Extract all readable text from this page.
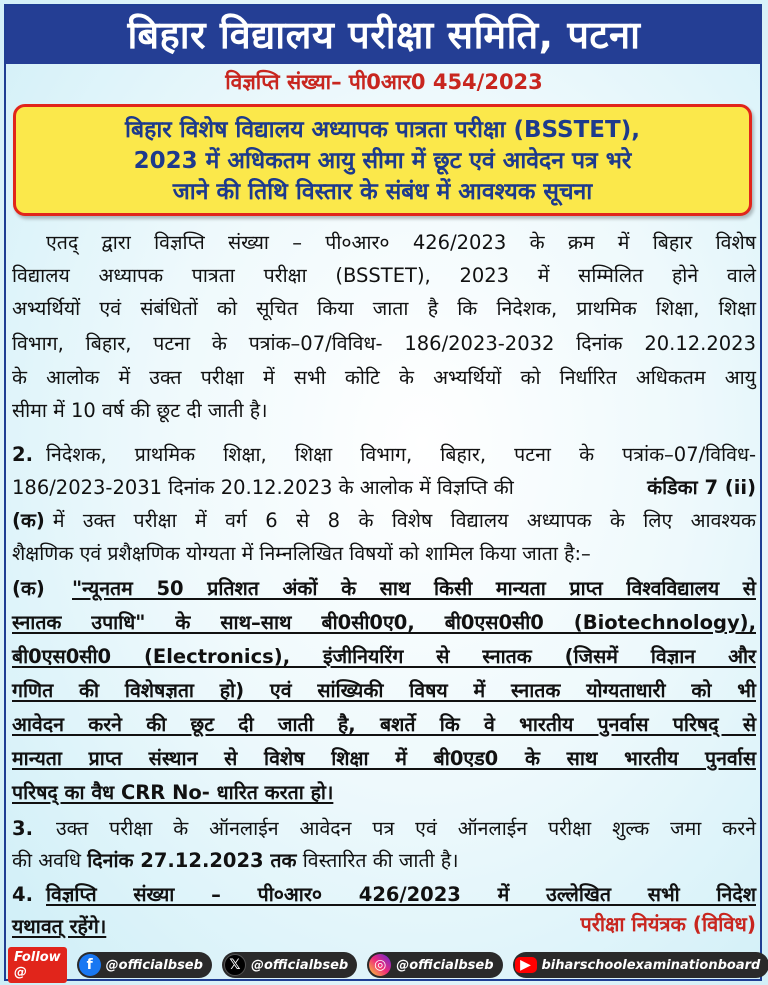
बिहार विद्यालय परीक्षा समिति, पटना
विज्ञप्ति संख्या– पी0आर0 454/2023
बिहार विशेष विद्यालय अध्यापक पात्रता परीक्षा (BSSTET),
2023 में अधिकतम आयु सीमा में छूट एवं आवेदन पत्र भरे
जाने की तिथि विस्तार के संबंध में आवश्यक सूचना
एतद् द्वारा विज्ञप्ति संख्या – पी०आर० 426/2023 के क्रम में बिहार विशेष
विद्यालय अध्यापक पात्रता परीक्षा (BSSTET), 2023 में सम्मिलित होने वाले
अभ्यर्थियों एवं संबंधितों को सूचित किया जाता है कि निदेशक, प्राथमिक शिक्षा, शिक्षा
विभाग, बिहार, पटना के पत्रांक–07/विविध- 186/2023-2032 दिनांक 20.12.2023
के आलोक में उक्त परीक्षा में सभी कोटि के अभ्यर्थियों को निर्धारित अधिकतम आयु
सीमा में 10 वर्ष की छूट दी जाती है।
2. निदेशक, प्राथमिक शिक्षा, शिक्षा विभाग, बिहार, पटना के पत्रांक–07/विविध-
186/2023-2031 दिनांक 20.12.2023 के आलोक में विज्ञप्ति की	कंडिका 7 (ii)
(क) में उक्त परीक्षा में वर्ग 6 से 8 के विशेष विद्यालय अध्यापक के लिए आवश्यक
शैक्षणिक एवं प्रशैक्षणिक योग्यता में निम्नलिखित विषयों को शामिल किया जाता है:–
(क)	"न्यूनतम 50 प्रतिशत अंकों के साथ किसी मान्यता प्राप्त विश्वविद्यालय से
स्नातक उपाधि" के साथ–साथ बी0सी0ए0, बी0एस0सी0 (Biotechnology),
बी0एस0सी0 (Electronics), इंजीनियरिंग से स्नातक (जिसमें विज्ञान और
गणित की विशेषज्ञता हो) एवं सांख्यिकी विषय में स्नातक योग्यताधारी को भी
आवेदन करने की छूट दी जाती है, बशर्ते कि वे भारतीय पुनर्वास परिषद् से
मान्यता प्राप्त संस्थान से विशेष शिक्षा में बी0एड0 के साथ भारतीय पुनर्वास
परिषद् का वैध CRR No- धारित करता हो।
3.	उक्त परीक्षा के ऑनलाईन आवेदन पत्र एवं ऑनलाईन परीक्षा शुल्क जमा करने
की अवधि दिनांक 27.12.2023 तक विस्तारित की जाती है।
4. विज्ञप्ति संख्या – पी०आर० 426/2023 में उल्लेखित सभी निदेश
यथावत् रहेंगे।	परीक्षा नियंत्रक (विविध)
Follow @	f @officialbseb	𝕏 @officialbseb	◎ @officialbseb	▶ biharschoolexaminationboard
